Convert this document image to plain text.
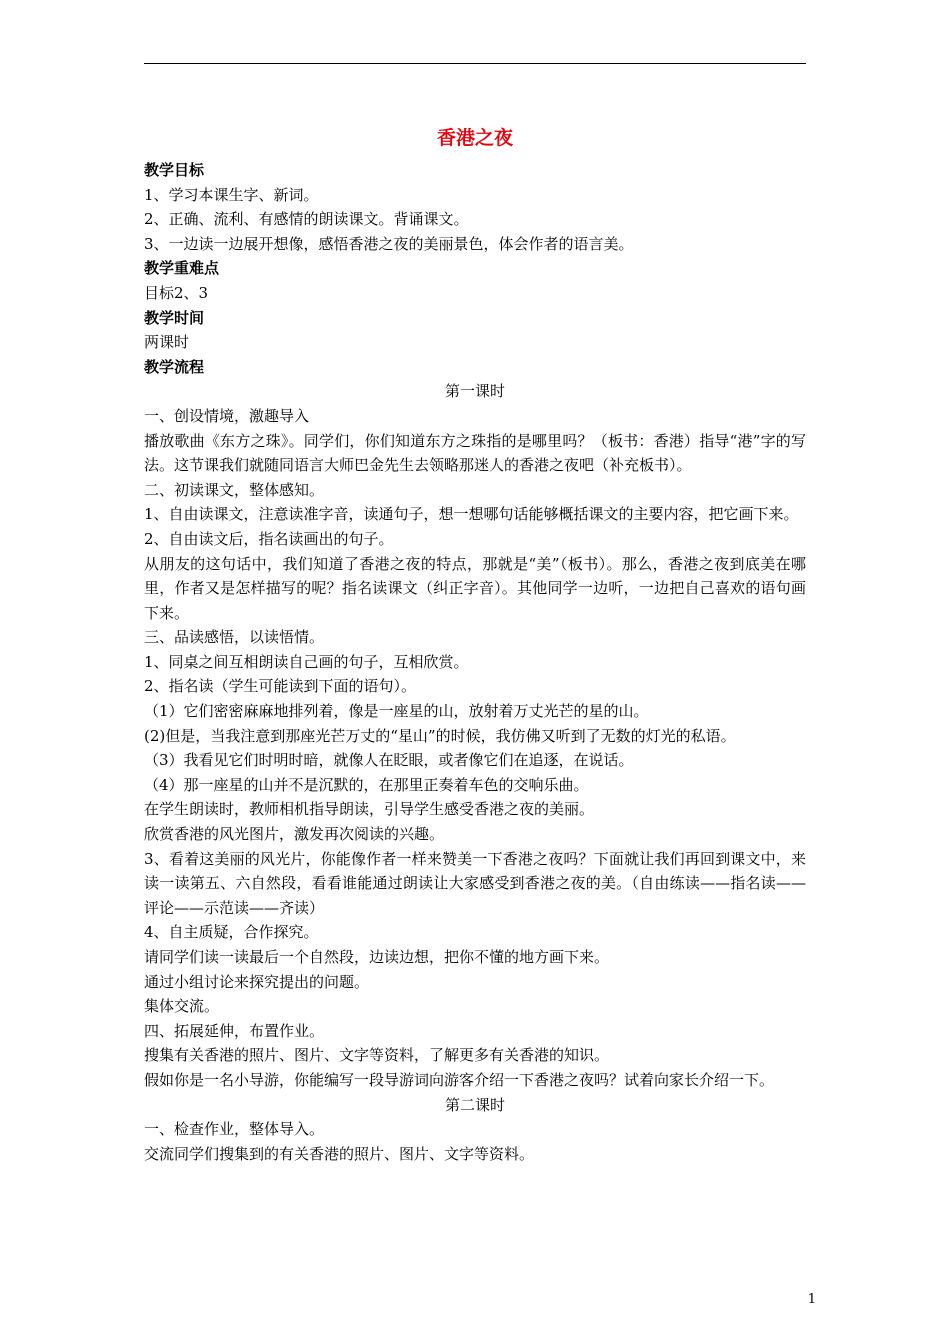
香港之夜
教学目标
1、学习本课生字、新词。
2、正确、流利、有感情的朗读课文。背诵课文。
3、一边读一边展开想像，感悟香港之夜的美丽景色，体会作者的语言美。
教学重难点
目标2、3
教学时间
两课时
教学流程
第一课时
一、创设情境，激趣导入
播放歌曲《东方之珠》。同学们，你们知道东方之珠指的是哪里吗？（板书：香港）指导“港”字的写法。这节课我们就随同语言大师巴金先生去领略那迷人的香港之夜吧（补充板书）。
二、初读课文，整体感知。
1、自由读课文，注意读准字音，读通句子，想一想哪句话能够概括课文的主要内容，把它画下来。
2、自由读文后，指名读画出的句子。
从朋友的这句话中，我们知道了香港之夜的特点，那就是“美”（板书）。那么，香港之夜到底美在哪里，作者又是怎样描写的呢？指名读课文（纠正字音）。其他同学一边听，一边把自己喜欢的语句画下来。
三、品读感悟，以读悟情。
1、同桌之间互相朗读自己画的句子，互相欣赏。
2、指名读（学生可能读到下面的语句）。
（1）它们密密麻麻地排列着，像是一座星的山，放射着万丈光芒的星的山。
(2)但是，当我注意到那座光芒万丈的“星山”的时候，我仿佛又听到了无数的灯光的私语。
（3）我看见它们时明时暗，就像人在眨眼，或者像它们在追逐，在说话。
（4）那一座星的山并不是沉默的，在那里正奏着车色的交响乐曲。
在学生朗读时，教师相机指导朗读，引导学生感受香港之夜的美丽。
欣赏香港的风光图片，激发再次阅读的兴趣。
3、看着这美丽的风光片，你能像作者一样来赞美一下香港之夜吗？下面就让我们再回到课文中，来读一读第五、六自然段，看看谁能通过朗读让大家感受到香港之夜的美。（自由练读——指名读——评论——示范读——齐读）
4、自主质疑，合作探究。
请同学们读一读最后一个自然段，边读边想，把你不懂的地方画下来。
通过小组讨论来探究提出的问题。
集体交流。
四、拓展延伸，布置作业。
搜集有关香港的照片、图片、文字等资料，了解更多有关香港的知识。
假如你是一名小导游，你能编写一段导游词向游客介绍一下香港之夜吗？试着向家长介绍一下。
第二课时
一、检查作业，整体导入。
交流同学们搜集到的有关香港的照片、图片、文字等资料。
1
